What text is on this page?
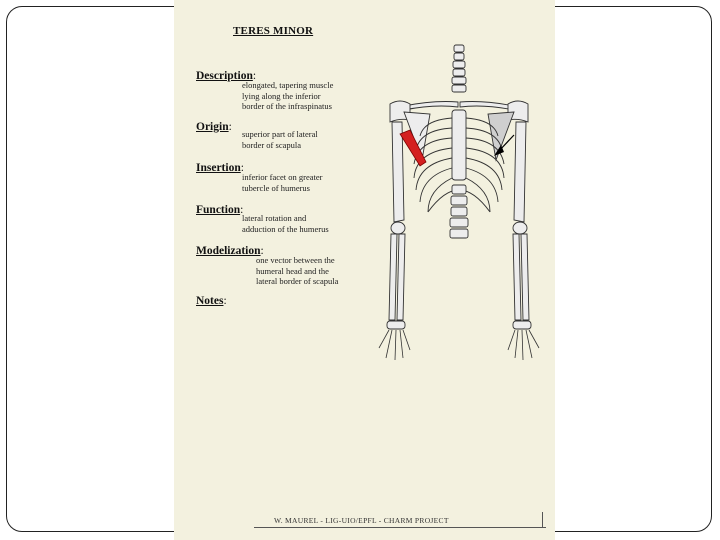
TERES MINOR
Description:
elongated, tapering muscle
lying along the inferior
border of the infraspinatus
Origin:
superior part of lateral
border of scapula
Insertion:
inferior facet on greater
tubercle of humerus
Function:
lateral rotation and
adduction of the humerus
Modelization:
one vector between the
humeral head and the
lateral border of scapula
Notes:
W. MAUREL - LIG-UIO/EPFL - CHARM PROJECT
